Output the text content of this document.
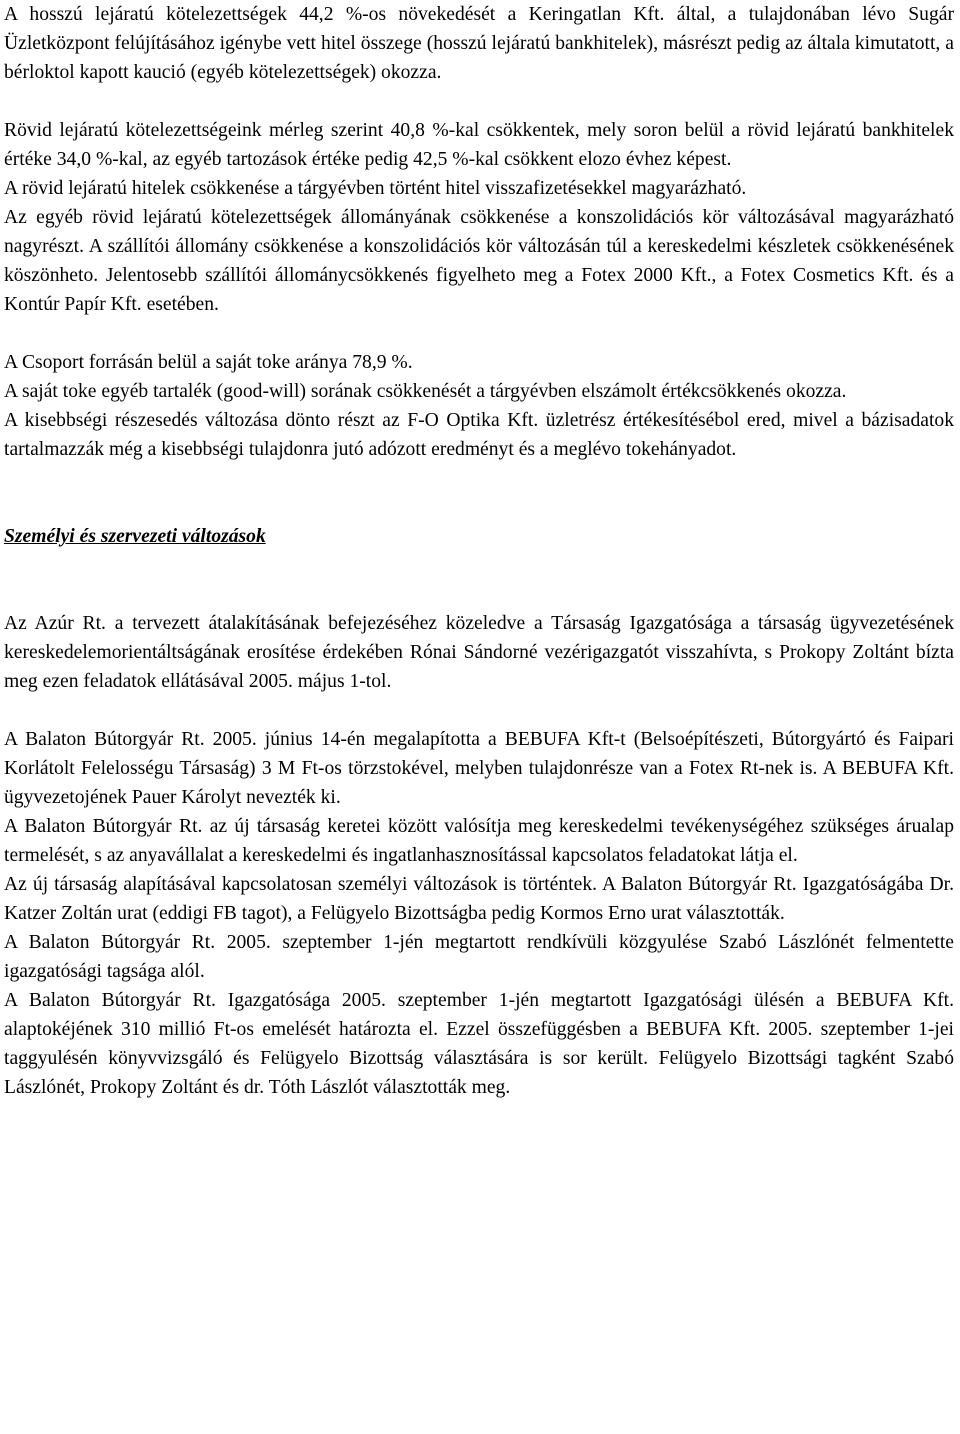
A hosszú lejáratú kötelezettségek 44,2 %-os növekedését a Keringatlan Kft. által, a tulajdonában lévo Sugár Üzletközpont felújításához igénybe vett hitel összege (hosszú lejáratú bankhitelek), másrészt pedig az általa kimutatott, a bérloktol kapott kaució (egyéb kötelezettségek) okozza.

Rövid lejáratú kötelezettségeink mérleg szerint 40,8 %-kal csökkentek, mely soron belül a rövid lejáratú bankhitelek értéke 34,0 %-kal, az egyéb tartozások értéke pedig 42,5 %-kal csökkent elozo évhez képest.

A rövid lejáratú hitelek csökkenése a tárgyévben történt hitel visszafizetésekkel magyarázható.

Az egyéb rövid lejáratú kötelezettségek állományának csökkenése a konszolidációs kör változásával magyarázható nagyrészt. A szállítói állomány csökkenése a konszolidációs kör változásán túl a kereskedelmi készletek csökkenésének köszönheto. Jelentosebb szállítói állománycsökkenés figyelheto meg a Fotex 2000 Kft., a Fotex Cosmetics Kft. és a Kontúr Papír Kft. esetében.

A Csoport forrásán belül a saját toke aránya 78,9 %.

A saját toke egyéb tartalék (good-will) sorának csökkenését a tárgyévben elszámolt értékcsökkenés okozza.

A kisebbségi részesedés változása dönto részt az F-O Optika Kft. üzletrész értékesítésébol ered, mivel a bázisadatok tartalmazzák még a kisebbségi tulajdonra jutó adózott eredményt és a meglévo tokehányadot.

Személyi és szervezeti változások

Az Azúr Rt. a tervezett átalakításának befejezéséhez közeledve a Társaság Igazgatósága a társaság ügyvezetésének kereskedelemorientáltságának erosítése érdekében Rónai Sándorné vezérigazgatót visszahívta, s Prokopy Zoltánt bízta meg ezen feladatok ellátásával 2005. május 1-tol.

A Balaton Bútorgyár Rt. 2005. június 14-én megalapította a BEBUFA Kft-t (Belsoépítészeti, Bútorgyártó és Faipari Korlátolt Felelosségu Társaság) 3 M Ft-os törzstokével, melyben tulajdonrésze van a Fotex Rt-nek is. A BEBUFA Kft. ügyvezetojének Pauer Károlyt nevezték ki.

A Balaton Bútorgyár Rt. az új társaság keretei között valósítja meg kereskedelmi tevékenységéhez szükséges árualap termelését, s az anyavállalat a kereskedelmi és ingatlanhasznosítással kapcsolatos feladatokat látja el.

Az új társaság alapításával kapcsolatosan személyi változások is történtek. A Balaton Bútorgyár Rt. Igazgatóságába Dr. Katzer Zoltán urat (eddigi FB tagot), a Felügyelo Bizottságba pedig Kormos Erno urat választották.

A Balaton Bútorgyár Rt. 2005. szeptember 1-jén megtartott rendkívüli közgyulése Szabó Lászlónét felmentette igazgatósági tagsága alól.

A Balaton Bútorgyár Rt. Igazgatósága 2005. szeptember 1-jén megtartott Igazgatósági ülésén a BEBUFA Kft. alaptokéjének 310 millió Ft-os emelését határozta el. Ezzel összefüggésben a BEBUFA Kft. 2005. szeptember 1-jei taggyulésén könyvvizsgáló és Felügyelo Bizottság választására is sor került. Felügyelo Bizottsági tagként Szabó Lászlónét, Prokopy Zoltánt és dr. Tóth Lászlót választották meg.
